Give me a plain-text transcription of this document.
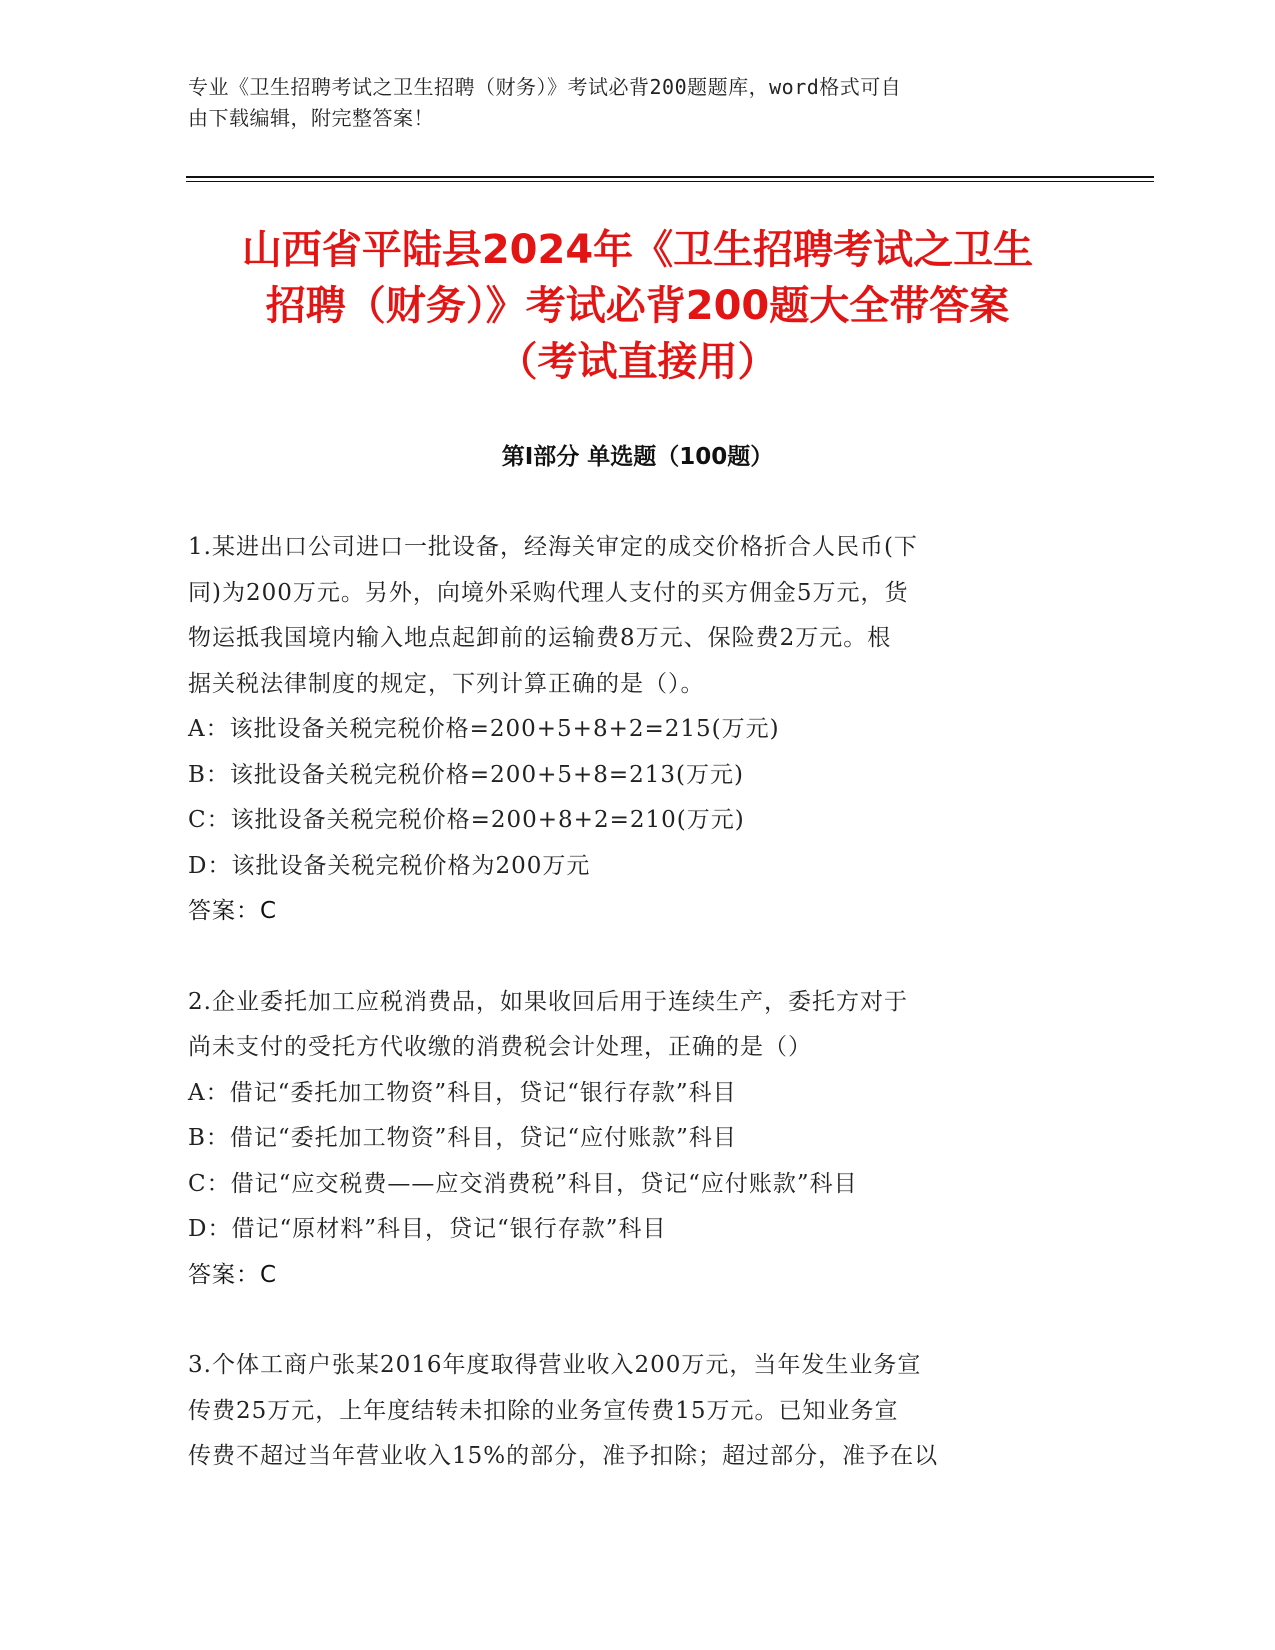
专业《卫生招聘考试之卫生招聘（财务）》考试必背200题题库，word格式可自
由下载编辑，附完整答案！
山西省平陆县2024年《卫生招聘考试之卫生
招聘（财务）》考试必背200题大全带答案
（考试直接用）
第Ⅰ部分 单选题（100题）
1.某进出口公司进口一批设备，经海关审定的成交价格折合人民币(下
同)为200万元。另外，向境外采购代理人支付的买方佣金5万元，货
物运抵我国境内输入地点起卸前的运输费8万元、保险费2万元。根
据关税法律制度的规定，下列计算正确的是（）。
A：该批设备关税完税价格=200+5+8+2=215(万元)
B：该批设备关税完税价格=200+5+8=213(万元)
C：该批设备关税完税价格=200+8+2=210(万元)
D：该批设备关税完税价格为200万元
答案：C
2.企业委托加工应税消费品，如果收回后用于连续生产，委托方对于
尚未支付的受托方代收缴的消费税会计处理，正确的是（）
A：借记“委托加工物资”科目，贷记“银行存款”科目
B：借记“委托加工物资”科目，贷记“应付账款”科目
C：借记“应交税费——应交消费税”科目，贷记“应付账款”科目
D：借记“原材料”科目，贷记“银行存款”科目
答案：C
3.个体工商户张某2016年度取得营业收入200万元，当年发生业务宣
传费25万元，上年度结转未扣除的业务宣传费15万元。已知业务宣
传费不超过当年营业收入15%的部分，准予扣除；超过部分，准予在以
